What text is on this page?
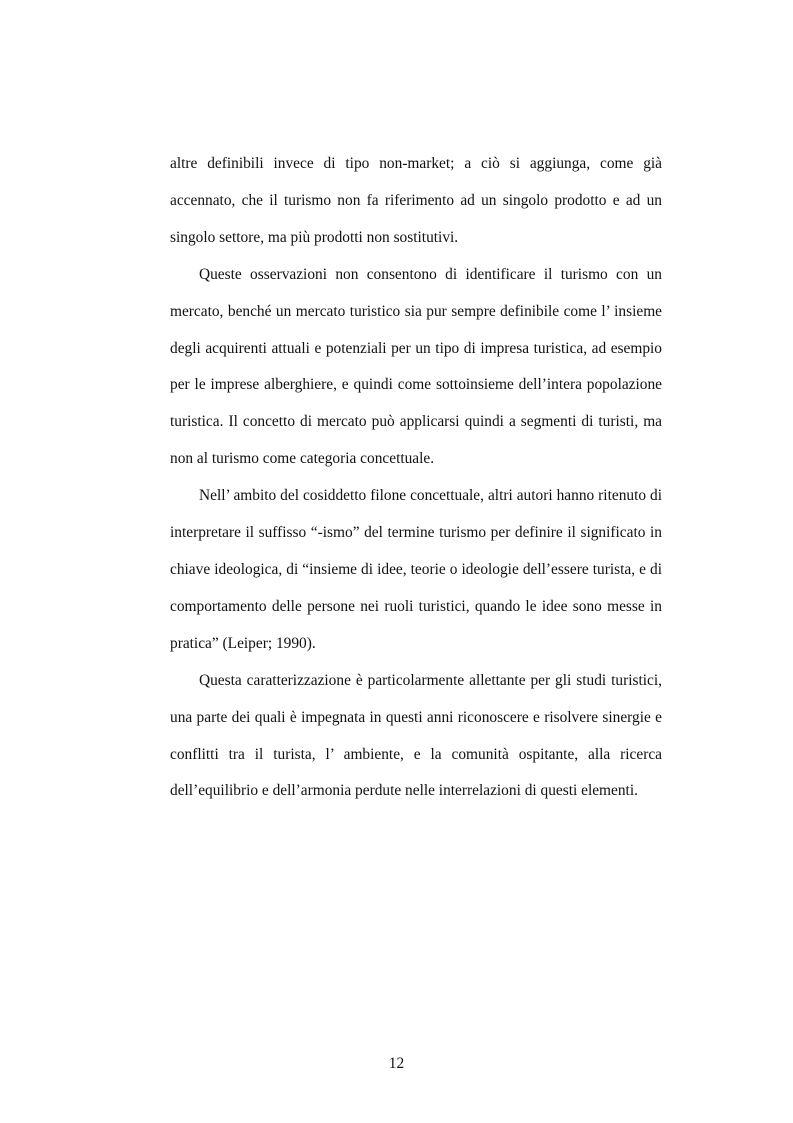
altre definibili invece di tipo non-market; a ciò si aggiunga, come già accennato, che il turismo non fa riferimento ad un singolo prodotto e ad un singolo settore, ma più prodotti non sostitutivi.

Queste osservazioni non consentono di identificare il turismo con un mercato, benché un mercato turistico sia pur sempre definibile come l’ insieme degli acquirenti attuali e potenziali per un tipo di impresa turistica, ad esempio per le imprese alberghiere, e quindi come sottoinsieme dell’intera popolazione turistica. Il concetto di mercato può applicarsi quindi a segmenti di turisti, ma non al turismo come categoria concettuale.

Nell’ ambito del cosiddetto filone concettuale, altri autori hanno ritenuto di interpretare il suffisso “-ismo” del termine turismo per definire il significato in chiave ideologica, di “insieme di idee, teorie o ideologie dell’essere turista, e di comportamento delle persone nei ruoli turistici, quando le idee sono messe in pratica” (Leiper; 1990).

Questa caratterizzazione è particolarmente allettante per gli studi turistici, una parte dei quali è impegnata in questi anni riconoscere e risolvere sinergie e conflitti tra il turista, l’ ambiente, e la comunità ospitante, alla ricerca dell’equilibrio e dell’armonia perdute nelle interrelazioni di questi elementi.

12
